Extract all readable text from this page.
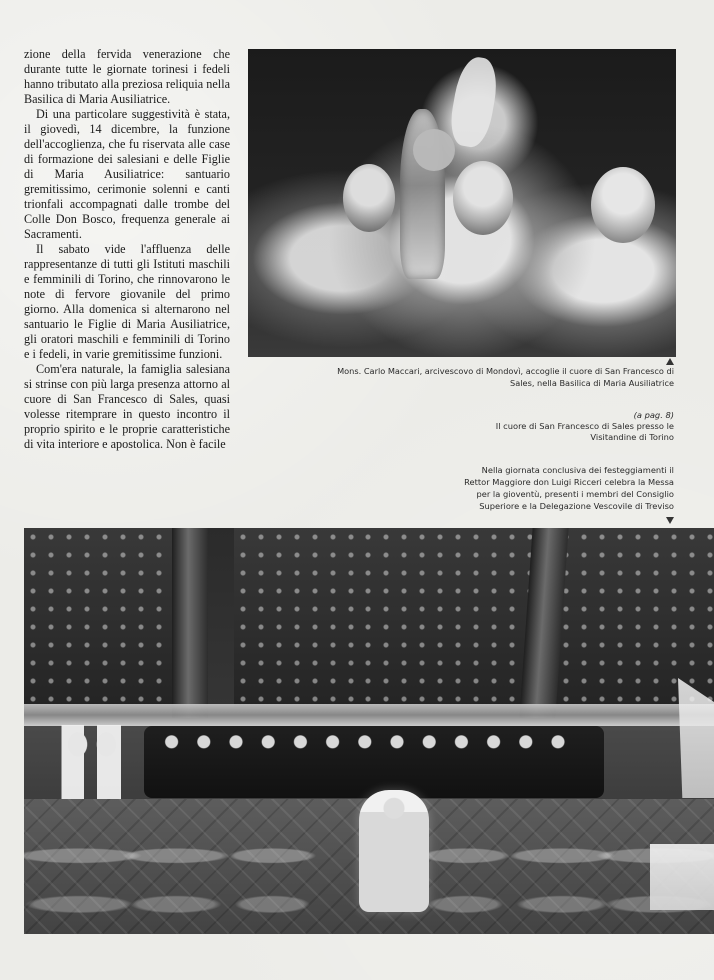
zione della fervida venerazione che durante tutte le giornate torinesi i fedeli hanno tributato alla preziosa reliquia nella Basilica di Maria Ausiliatrice.

Di una particolare suggestività è stata, il giovedì, 14 dicembre, la funzione dell'accoglienza, che fu riservata alle case di formazione dei salesiani e delle Figlie di Maria Ausiliatrice: santuario gremitissimo, cerimonie solenni e canti trionfali accompagnati dalle trombe del Colle Don Bosco, frequenza generale ai Sacramenti.

Il sabato vide l'affluenza delle rappresentanze di tutti gli Istituti maschili e femminili di Torino, che rinnovarono le note di fervore giovanile del primo giorno. Alla domenica si alternarono nel santuario le Figlie di Maria Ausiliatrice, gli oratori maschili e femminili di Torino e i fedeli, in varie gremitissime funzioni.

Com'era naturale, la famiglia salesiana si strinse con più larga presenza attorno al cuore di San Francesco di Sales, quasi volesse ritemprare in questo incontro il proprio spirito e le proprie caratteristiche di vita interiore e apostolica. Non è facile

Mons. Carlo Maccari, arcivescovo di Mondovì, accoglie il cuore di San Francesco di Sales, nella Basilica di Maria Ausiliatrice
(a pag. 8)
Il cuore di San Francesco di Sales presso le Visitandine di Torino
Nella giornata conclusiva dei festeggiamenti il Rettor Maggiore don Luigi Ricceri celebra la Messa per la gioventù, presenti i membri del Consiglio Superiore e la Delegazione Vescovile di Treviso
